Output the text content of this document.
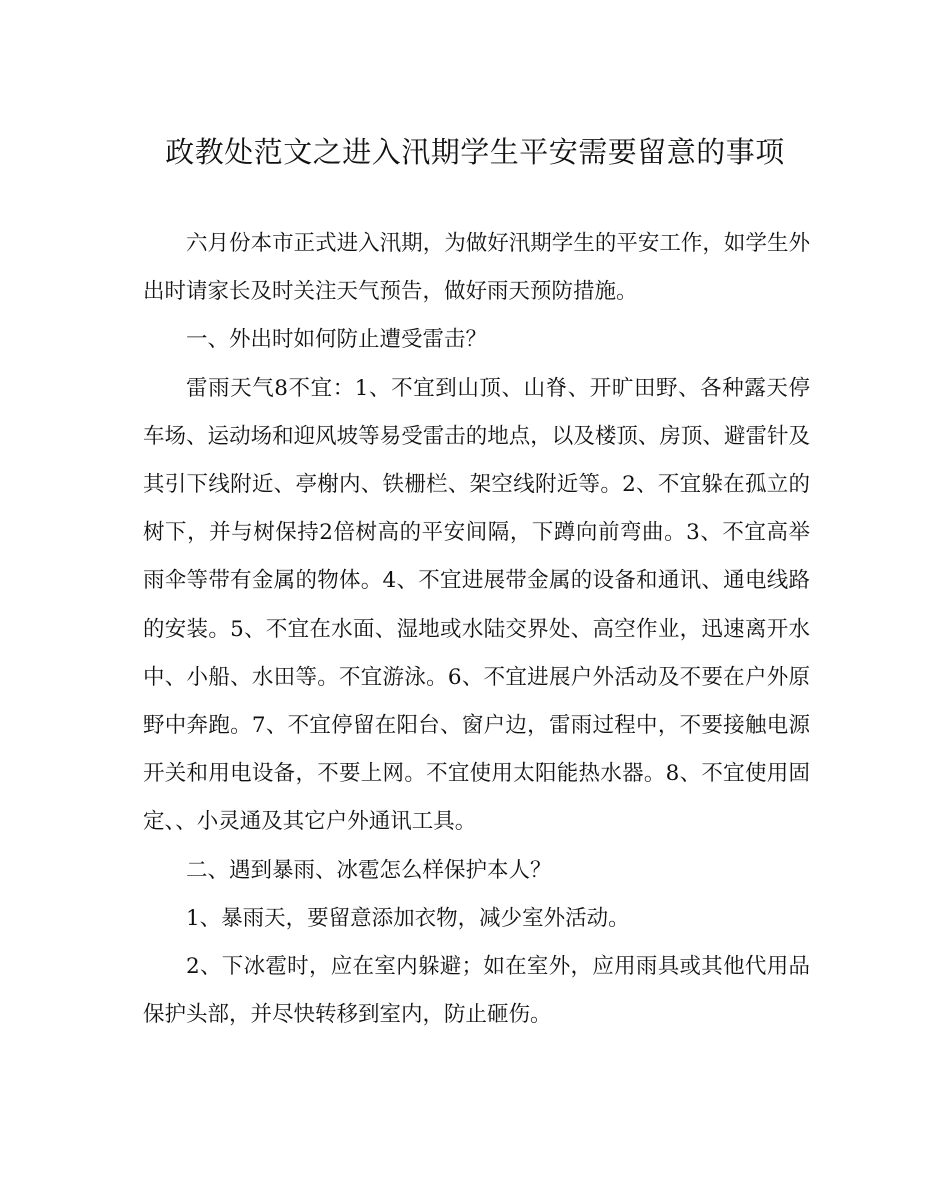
政教处范文之进入汛期学生平安需要留意的事项

六月份本市正式进入汛期，为做好汛期学生的平安工作，如学生外出时请家长及时关注天气预告，做好雨天预防措施。

一、外出时如何防止遭受雷击？

雷雨天气8不宜：1、不宜到山顶、山脊、开旷田野、各种露天停车场、运动场和迎风坡等易受雷击的地点，以及楼顶、房顶、避雷针及其引下线附近、亭榭内、铁栅栏、架空线附近等。2、不宜躲在孤立的树下，并与树保持2倍树高的平安间隔，下蹲向前弯曲。3、不宜高举雨伞等带有金属的物体。4、不宜进展带金属的设备和通讯、通电线路的安装。5、不宜在水面、湿地或水陆交界处、高空作业，迅速离开水中、小船、水田等。不宜游泳。6、不宜进展户外活动及不要在户外原野中奔跑。7、不宜停留在阳台、窗户边，雷雨过程中，不要接触电源开关和用电设备，不要上网。不宜使用太阳能热水器。8、不宜使用固定、、小灵通及其它户外通讯工具。

二、遇到暴雨、冰雹怎么样保护本人？

1、暴雨天，要留意添加衣物，减少室外活动。

2、下冰雹时，应在室内躲避；如在室外，应用雨具或其他代用品保护头部，并尽快转移到室内，防止砸伤。
